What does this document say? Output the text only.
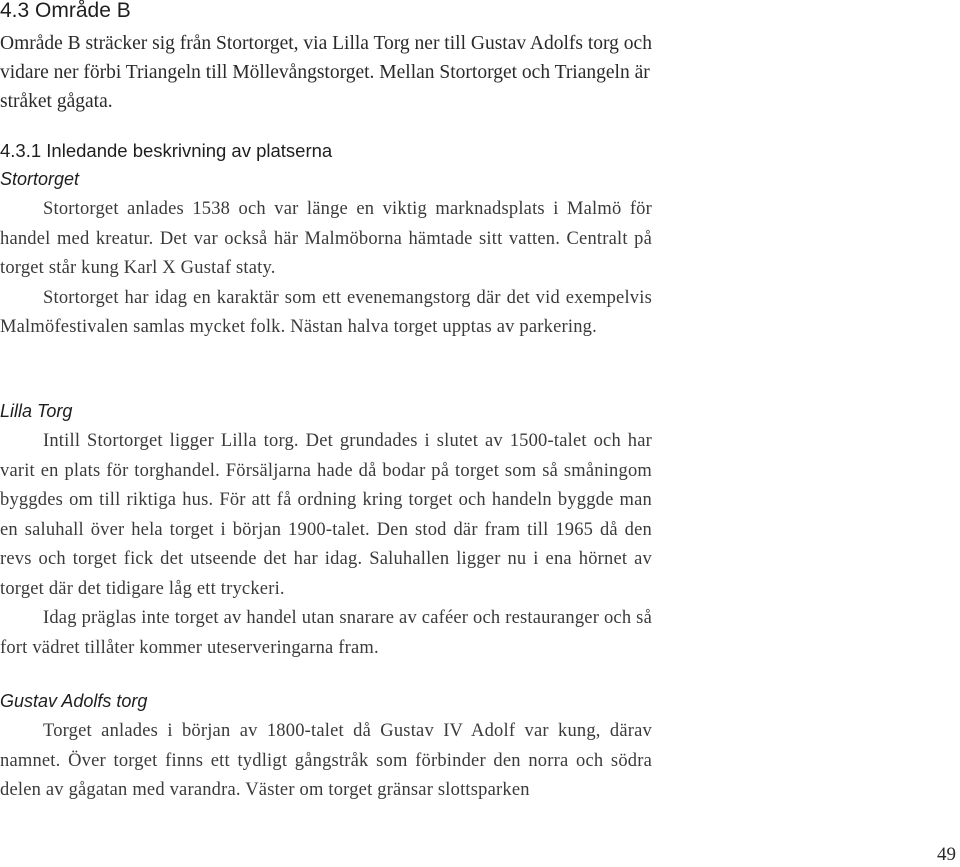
4.3 Område B

Område B sträcker sig från Stortorget, via Lilla Torg ner till Gustav Adolfs torg och vidare ner förbi Triangeln till Möllevångstorget. Mellan Stortorget och Triangeln är stråket gågata.

4.3.1 Inledande beskrivning av platserna
Stortorget

Stortorget anlades 1538 och var länge en viktig marknadsplats i Malmö för handel med kreatur. Det var också här Malmöborna hämtade sitt vatten. Centralt på torget står kung Karl X Gustaf staty.

Stortorget har idag en karaktär som ett evenemangstorg där det vid exempelvis Malmöfestivalen samlas mycket folk. Nästan halva torget upptas av parkering.

Lilla Torg

Intill Stortorget ligger Lilla torg. Det grundades i slutet av 1500-talet och har varit en plats för torghandel. Försäljarna hade då bodar på torget som så småningom byggdes om till riktiga hus. För att få ordning kring torget och handeln byggde man en saluhall över hela torget i början 1900-talet. Den stod där fram till 1965 då den revs och torget fick det utseende det har idag. Saluhallen ligger nu i ena hörnet av torget där det tidigare låg ett tryckeri.

Idag präglas inte torget av handel utan snarare av caféer och restauranger och så fort vädret tillåter kommer uteserveringarna fram.

Gustav Adolfs torg

Torget anlades i början av 1800-talet då Gustav IV Adolf var kung, därav namnet. Över torget finns ett tydligt gångstråk som förbinder den norra och södra delen av gågatan med varandra. Väster om torget gränsar slottsparken

49
